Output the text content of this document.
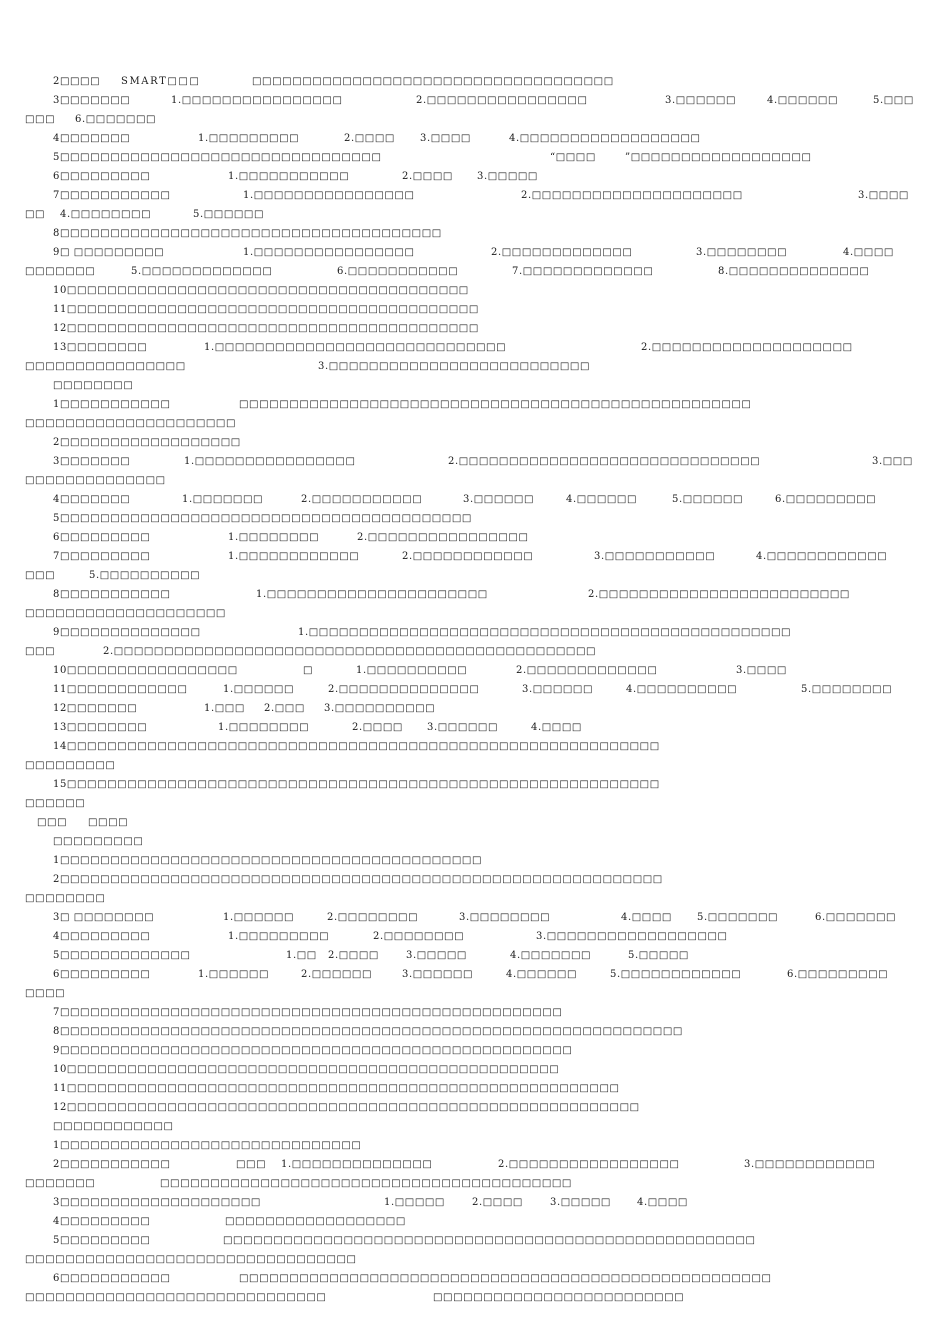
2□□□□ SMART□□□	□□□□□□□□□□□□□□□□□□□□□□□□□□□□□□□□□□□□
3□□□□□□□	1.□□□□□□□□□□□□□□□□	2.□□□□□□□□□□□□□□□□	3.□□□□□□	4.□□□□□□	5.□□□
□□□ 6.□□□□□□□
4□□□□□□□	1.□□□□□□□□□	2.□□□□	3.□□□□	4.□□□□□□□□□□□□□□□□□□
5□□□□□□□□□□□□□□□□□□□□□□□□□□□□□□□□	“□□□□	”□□□□□□□□□□□□□□□□□□
6□□□□□□□□□	1.□□□□□□□□□□□	2.□□□□ 3.□□□□□
7□□□□□□□□□□□	1.□□□□□□□□□□□□□□□□	2.□□□□□□□□□□□□□□□□□□□□□	3.□□□□
□□ 4.□□□□□□□□	5.□□□□□□
8□□□□□□□□□□□□□□□□□□□□□□□□□□□□□□□□□□□□□□
9□ □□□□□□□□□	1.□□□□□□□□□□□□□□□□	2.□□□□□□□□□□□□□	3.□□□□□□□□	4.□□□□
□□□□□□□	5.□□□□□□□□□□□□□	6.□□□□□□□□□□□	7.□□□□□□□□□□□□□	8.□□□□□□□□□□□□□□
10□□□□□□□□□□□□□□□□□□□□□□□□□□□□□□□□□□□□□□□□
11□□□□□□□□□□□□□□□□□□□□□□□□□□□□□□□□□□□□□□□□□
12□□□□□□□□□□□□□□□□□□□□□□□□□□□□□□□□□□□□□□□□□
13□□□□□□□□	1.□□□□□□□□□□□□□□□□□□□□□□□□□□□□□	2.□□□□□□□□□□□□□□□□□□□□
□□□□□□□□□□□□□□□□	3.□□□□□□□□□□□□□□□□□□□□□□□□□□
□□□□□□□□
1□□□□□□□□□□□	□□□□□□□□□□□□□□□□□□□□□□□□□□□□□□□□□□□□□□□□□□□□□□□□□□□
□□□□□□□□□□□□□□□□□□□□□
2□□□□□□□□□□□□□□□□□□
3□□□□□□□	1.□□□□□□□□□□□□□□□□	2.□□□□□□□□□□□□□□□□□□□□□□□□□□□□□□	3.□□□
□□□□□□□□□□□□□□
4□□□□□□□	1.□□□□□□□	2.□□□□□□□□□□□	3.□□□□□□	4.□□□□□□	5.□□□□□□	6.□□□□□□□□□
5□□□□□□□□□□□□□□□□□□□□□□□□□□□□□□□□□□□□□□□□□
6□□□□□□□□□	1.□□□□□□□□	2.□□□□□□□□□□□□□□□□
7□□□□□□□□□	1.□□□□□□□□□□□□	2.□□□□□□□□□□□□	3.□□□□□□□□□□□	4.□□□□□□□□□□□□
□□□	5.□□□□□□□□□□
8□□□□□□□□□□□	1.□□□□□□□□□□□□□□□□□□□□□□	2.□□□□□□□□□□□□□□□□□□□□□□□□□
□□□□□□□□□□□□□□□□□□□□
9□□□□□□□□□□□□□□	1.□□□□□□□□□□□□□□□□□□□□□□□□□□□□□□□□□□□□□□□□□□□□□□□□
□□□	2.□□□□□□□□□□□□□□□□□□□□□□□□□□□□□□□□□□□□□□□□□□□□□□□□
10□□□□□□□□□□□□□□□□□	□	1.□□□□□□□□□□	2.□□□□□□□□□□□□□	3.□□□□
11□□□□□□□□□□□□	1.□□□□□□	2.□□□□□□□□□□□□□□	3.□□□□□□	4.□□□□□□□□□□	5.□□□□□□□□
12□□□□□□□	1.□□□ 2.□□□ 3.□□□□□□□□□□
13□□□□□□□□	1.□□□□□□□□	2.□□□□ 3.□□□□□□	4.□□□□
14□□□□□□□□□□□□□□□□□□□□□□□□□□□□□□□□□□□□□□□□□□□□□□□□□□□□□□□□□□□
□□□□□□□□□
15□□□□□□□□□□□□□□□□□□□□□□□□□□□□□□□□□□□□□□□□□□□□□□□□□□□□□□□□□□□
□□□□□□
□□□ □□□□
□□□□□□□□□
1□□□□□□□□□□□□□□□□□□□□□□□□□□□□□□□□□□□□□□□□□□
2□□□□□□□□□□□□□□□□□□□□□□□□□□□□□□□□□□□□□□□□□□□□□□□□□□□□□□□□□□□□
□□□□□□□□
3□ □□□□□□□□	1.□□□□□□	2.□□□□□□□□	3.□□□□□□□□	4.□□□□	5.□□□□□□□	6.□□□□□□□
4□□□□□□□□□	1.□□□□□□□□□	2.□□□□□□□□	3.□□□□□□□□□□□□□□□□□□
5□□□□□□□□□□□□□	1.□□ 2.□□□□	3.□□□□□	4.□□□□□□□	5.□□□□□
6□□□□□□□□□	1.□□□□□□	2.□□□□□□	3.□□□□□□	4.□□□□□□	5.□□□□□□□□□□□□	6.□□□□□□□□□
□□□□
7□□□□□□□□□□□□□□□□□□□□□□□□□□□□□□□□□□□□□□□□□□□□□□□□□□
8□□□□□□□□□□□□□□□□□□□□□□□□□□□□□□□□□□□□□□□□□□□□□□□□□□□□□□□□□□□□□□
9□□□□□□□□□□□□□□□□□□□□□□□□□□□□□□□□□□□□□□□□□□□□□□□□□□□
10□□□□□□□□□□□□□□□□□□□□□□□□□□□□□□□□□□□□□□□□□□□□□□□□□
11□□□□□□□□□□□□□□□□□□□□□□□□□□□□□□□□□□□□□□□□□□□□□□□□□□□□□□□
12□□□□□□□□□□□□□□□□□□□□□□□□□□□□□□□□□□□□□□□□□□□□□□□□□□□□□□□□□
□□□□□□□□□□□□
1□□□□□□□□□□□□□□□□□□□□□□□□□□□□□□
2□□□□□□□□□□□	□□□ 1.□□□□□□□□□□□□□□	2.□□□□□□□□□□□□□□□□□	3.□□□□□□□□□□□□
□□□□□□□	□□□□□□□□□□□□□□□□□□□□□□□□□□□□□□□□□□□□□□□□□
3□□□□□□□□□□□□□□□□□□□□	1.□□□□□	2.□□□□	3.□□□□□	4.□□□□
4□□□□□□□□□	□□□□□□□□□□□□□□□□□□
5□□□□□□□□□	□□□□□□□□□□□□□□□□□□□□□□□□□□□□□□□□□□□□□□□□□□□□□□□□□□□□□
□□□□□□□□□□□□□□□□□□□□□□□□□□□□□□□□□
6□□□□□□□□□□□	□□□□□□□□□□□□□□□□□□□□□□□□□□□□□□□□□□□□□□□□□□□□□□□□□□□□□
□□□□□□□□□□□□□□□□□□□□□□□□□□□□□□	□□□□□□□□□□□□□□□□□□□□□□□□□
